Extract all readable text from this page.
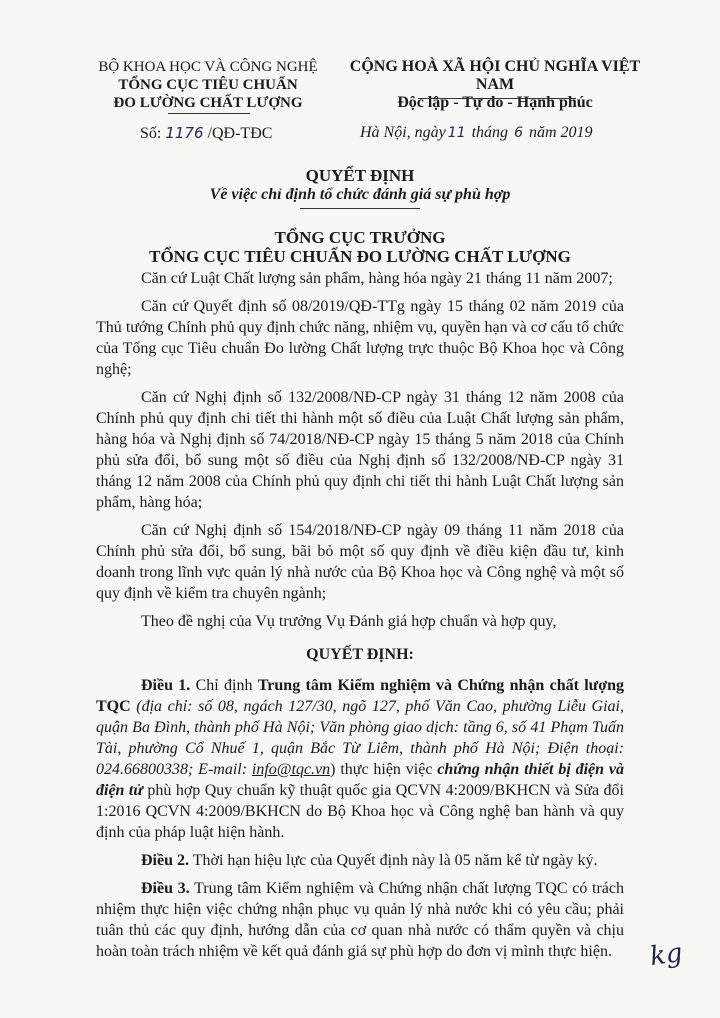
BỘ KHOA HỌC VÀ CÔNG NGHỆ
TỔNG CỤC TIÊU CHUẨN
ĐO LƯỜNG CHẤT LƯỢNG
CỘNG HOÀ XÃ HỘI CHỦ NGHĨA VIỆT NAM
Độc lập - Tự do - Hạnh phúc
Số: 1176 /QĐ-TĐC	Hà Nội, ngày 11 tháng 6 năm 2019
QUYẾT ĐỊNH
Về việc chỉ định tổ chức đánh giá sự phù hợp
TỔNG CỤC TRƯỞNG
TỔNG CỤC TIÊU CHUẨN ĐO LƯỜNG CHẤT LƯỢNG

Căn cứ Luật Chất lượng sản phẩm, hàng hóa ngày 21 tháng 11 năm 2007;

Căn cứ Quyết định số 08/2019/QĐ-TTg ngày 15 tháng 02 năm 2019 của Thủ tướng Chính phủ quy định chức năng, nhiệm vụ, quyền hạn và cơ cấu tổ chức của Tổng cục Tiêu chuẩn Đo lường Chất lượng trực thuộc Bộ Khoa học và Công nghệ;

Căn cứ Nghị định số 132/2008/NĐ-CP ngày 31 tháng 12 năm 2008 của Chính phủ quy định chi tiết thi hành một số điều của Luật Chất lượng sản phẩm, hàng hóa và Nghị định số 74/2018/NĐ-CP ngày 15 tháng 5 năm 2018 của Chính phủ sửa đổi, bổ sung một số điều của Nghị định số 132/2008/NĐ-CP ngày 31 tháng 12 năm 2008 của Chính phủ quy định chi tiết thi hành Luật Chất lượng sản phẩm, hàng hóa;

Căn cứ Nghị định số 154/2018/NĐ-CP ngày 09 tháng 11 năm 2018 của Chính phủ sửa đổi, bổ sung, bãi bỏ một số quy định về điều kiện đầu tư, kinh doanh trong lĩnh vực quản lý nhà nước của Bộ Khoa học và Công nghệ và một số quy định về kiểm tra chuyên ngành;

Theo đề nghị của Vụ trưởng Vụ Đánh giá hợp chuẩn và hợp quy,

QUYẾT ĐỊNH:

Điều 1. Chỉ định Trung tâm Kiểm nghiệm và Chứng nhận chất lượng TQC (địa chỉ: số 08, ngách 127/30, ngõ 127, phố Văn Cao, phường Liễu Giai, quận Ba Đình, thành phố Hà Nội; Văn phòng giao dịch: tầng 6, số 41 Phạm Tuấn Tài, phường Cổ Nhuế 1, quận Bắc Từ Liêm, thành phố Hà Nội; Điện thoại: 024.66800338; E-mail: info@tqc.vn) thực hiện việc chứng nhận thiết bị điện và điện tử phù hợp Quy chuẩn kỹ thuật quốc gia QCVN 4:2009/BKHCN và Sửa đổi 1:2016 QCVN 4:2009/BKHCN do Bộ Khoa học và Công nghệ ban hành và quy định của pháp luật hiện hành.

Điều 2. Thời hạn hiệu lực của Quyết định này là 05 năm kể từ ngày ký.

Điều 3. Trung tâm Kiểm nghiệm và Chứng nhận chất lượng TQC có trách nhiệm thực hiện việc chứng nhận phục vụ quản lý nhà nước khi có yêu cầu; phải tuân thủ các quy định, hướng dẫn của cơ quan nhà nước có thẩm quyền và chịu hoàn toàn trách nhiệm về kết quả đánh giá sự phù hợp do đơn vị mình thực hiện.	kg
